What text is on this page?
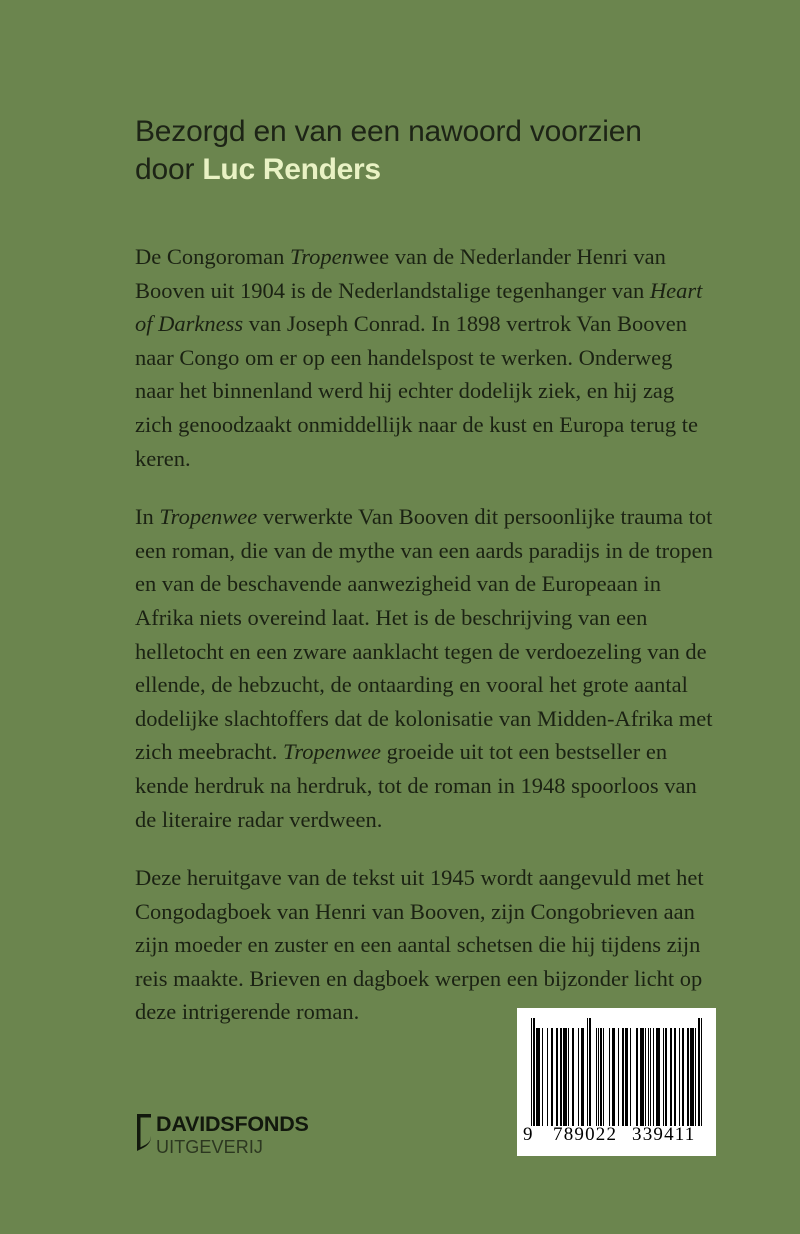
Bezorgd en van een nawoord voorzien
door Luc Renders

De Congoroman Tropenwee van de Nederlander Henri van Booven uit 1904 is de Nederlandstalige tegenhanger van Heart of Darkness van Joseph Conrad. In 1898 vertrok Van Booven naar Congo om er op een handelspost te werken. Onderweg naar het binnenland werd hij echter dodelijk ziek, en hij zag zich genoodzaakt onmiddellijk naar de kust en Europa terug te keren.

In Tropenwee verwerkte Van Booven dit persoonlijke trauma tot een roman, die van de mythe van een aards paradijs in de tropen en van de beschavende aanwezigheid van de Europeaan in Afrika niets overeind laat. Het is de beschrijving van een helletocht en een zware aanklacht tegen de verdoezeling van de ellende, de hebzucht, de ontaarding en vooral het grote aantal dodelijke slachtoffers dat de kolonisatie van Midden-Afrika met zich meebracht. Tropenwee groeide uit tot een bestseller en kende herdruk na herdruk, tot de roman in 1948 spoorloos van de literaire radar verdween.

Deze heruitgave van de tekst uit 1945 wordt aangevuld met het Congodagboek van Henri van Booven, zijn Congobrieven aan zijn moeder en zuster en een aantal schetsen die hij tijdens zijn reis maakte. Brieven en dagboek werpen een bijzonder licht op deze intrigerende roman.

DAVIDSFONDS
UITGEVERIJ
9 789022 339411
